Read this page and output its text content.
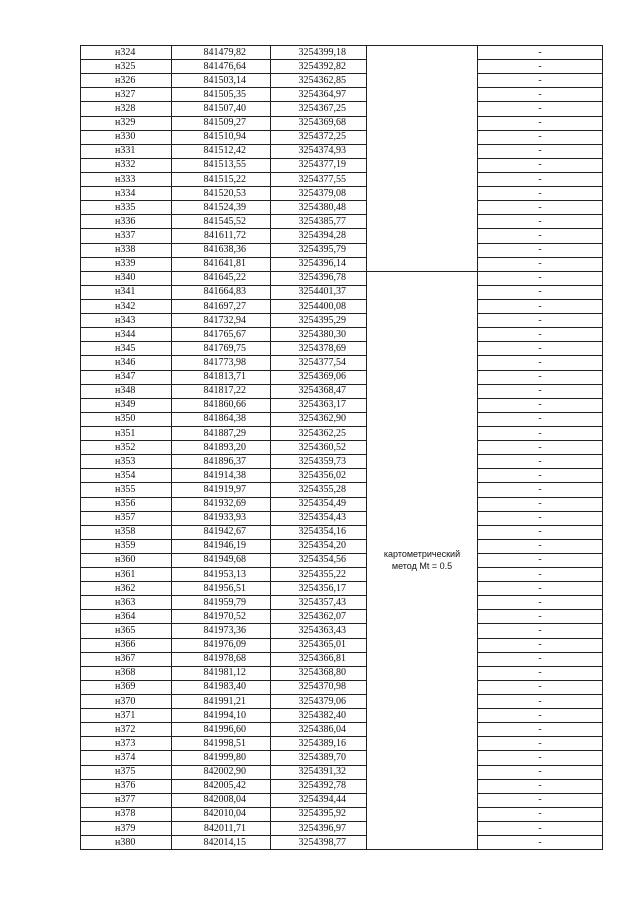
н324	841479,82	3254399,18		-
н325	841476,64	3254392,82		-
н326	841503,14	3254362,85		-
н327	841505,35	3254364,97		-
н328	841507,40	3254367,25		-
н329	841509,27	3254369,68		-
н330	841510,94	3254372,25		-
н331	841512,42	3254374,93		-
н332	841513,55	3254377,19		-
н333	841515,22	3254377,55		-
н334	841520,53	3254379,08		-
н335	841524,39	3254380,48		-
н336	841545,52	3254385,77		-
н337	841611,72	3254394,28		-
н338	841638,36	3254395,79		-
н339	841641,81	3254396,14		-
н340	841645,22	3254396,78	картометрический
метод Mt = 0.5	-
н341	841664,83	3254401,37		-
н342	841697,27	3254400,08		-
н343	841732,94	3254395,29		-
н344	841765,67	3254380,30		-
н345	841769,75	3254378,69		-
н346	841773,98	3254377,54		-
н347	841813,71	3254369,06		-
н348	841817,22	3254368,47		-
н349	841860,66	3254363,17		-
н350	841864,38	3254362,90		-
н351	841887,29	3254362,25		-
н352	841893,20	3254360,52		-
н353	841896,37	3254359,73		-
н354	841914,38	3254356,02		-
н355	841919,97	3254355,28		-
н356	841932,69	3254354,49		-
н357	841933,93	3254354,43		-
н358	841942,67	3254354,16		-
н359	841946,19	3254354,20		-
н360	841949,68	3254354,56		-
н361	841953,13	3254355,22		-
н362	841956,51	3254356,17		-
н363	841959,79	3254357,43		-
н364	841970,52	3254362,07		-
н365	841973,36	3254363,43		-
н366	841976,09	3254365,01		-
н367	841978,68	3254366,81		-
н368	841981,12	3254368,80		-
н369	841983,40	3254370,98		-
н370	841991,21	3254379,06		-
н371	841994,10	3254382,40		-
н372	841996,60	3254386,04		-
н373	841998,51	3254389,16		-
н374	841999,80	3254389,70		-
н375	842002,90	3254391,32		-
н376	842005,42	3254392,78		-
н377	842008,04	3254394,44		-
н378	842010,04	3254395,92		-
н379	842011,71	3254396,97		-
н380	842014,15	3254398,77		-
